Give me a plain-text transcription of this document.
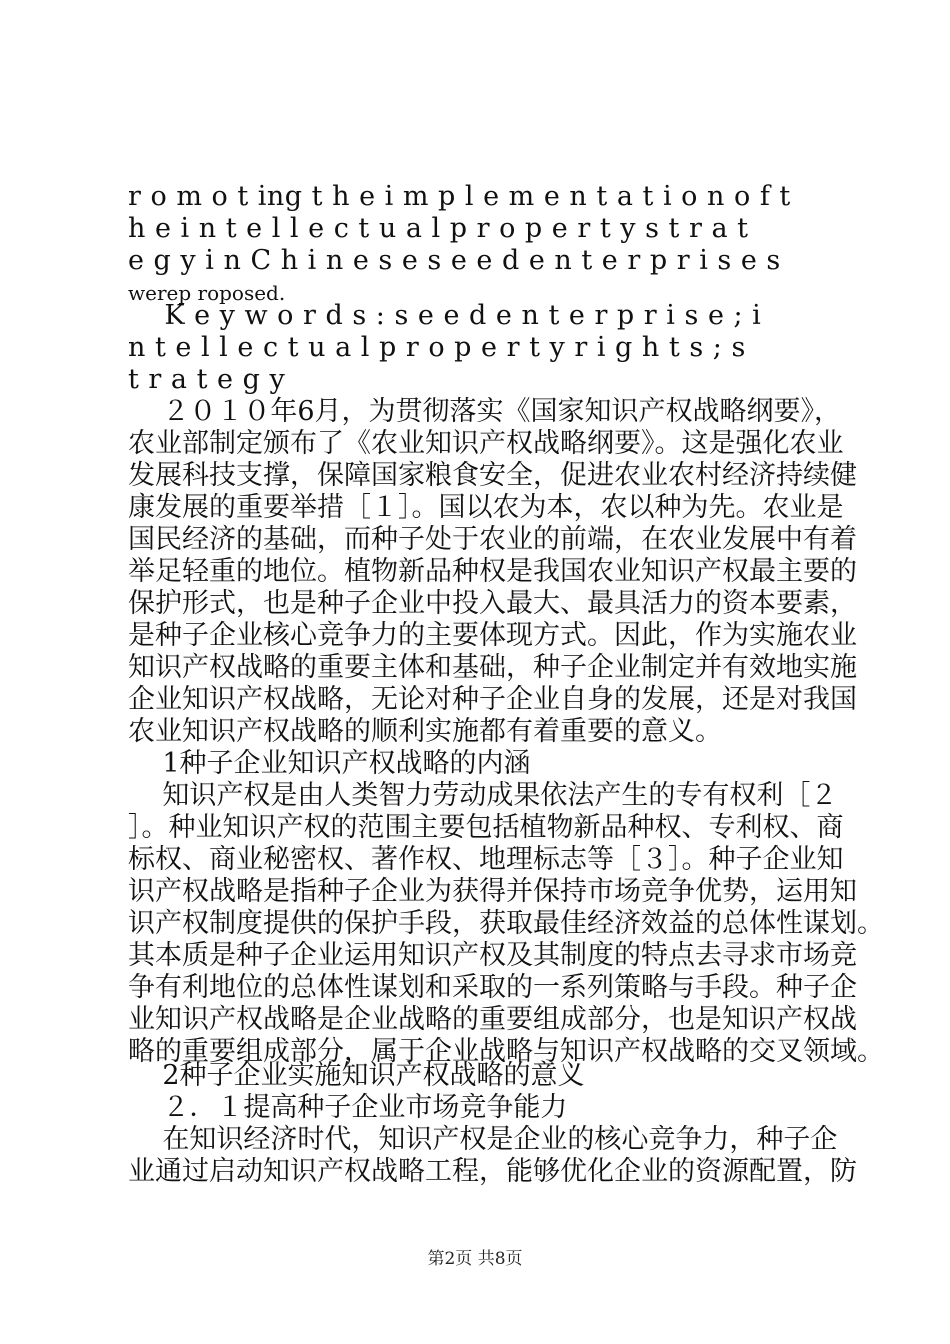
r o m o t ing t h e i m p l e m e n t a t i o n o f t
h e i n t e l l e c t u a l p r o p e r t y s t r a t
e g y i n C h i n e s e s e e d e n t e r p r i s e s
werep roposed.
K e y w o r d s : s e e d e n t e r p r i s e ; i
n t e l l e c t u a l p r o p e r t y r i g h t s ; s
t r a t e g y
２０１０年6月，为贯彻落实《国家知识产权战略纲要》，
农业部制定颁布了《农业知识产权战略纲要》。这是强化农业
发展科技支撑，保障国家粮食安全，促进农业农村经济持续健
康发展的重要举措［１］。国以农为本，农以种为先。农业是
国民经济的基础，而种子处于农业的前端，在农业发展中有着
举足轻重的地位。植物新品种权是我国农业知识产权最主要的
保护形式，也是种子企业中投入最大、最具活力的资本要素，
是种子企业核心竞争力的主要体现方式。因此，作为实施农业
知识产权战略的重要主体和基础，种子企业制定并有效地实施
企业知识产权战略，无论对种子企业自身的发展，还是对我国
农业知识产权战略的顺利实施都有着重要的意义。
1种子企业知识产权战略的内涵
知识产权是由人类智力劳动成果依法产生的专有权利［２
］。种业知识产权的范围主要包括植物新品种权、专利权、商
标权、商业秘密权、著作权、地理标志等［３］。种子企业知
识产权战略是指种子企业为获得并保持市场竞争优势，运用知
识产权制度提供的保护手段，获取最佳经济效益的总体性谋划。
其本质是种子企业运用知识产权及其制度的特点去寻求市场竞
争有利地位的总体性谋划和采取的一系列策略与手段。种子企
业知识产权战略是企业战略的重要组成部分，也是知识产权战
略的重要组成部分，属于企业战略与知识产权战略的交叉领域。
2种子企业实施知识产权战略的意义
２．１提高种子企业市场竞争能力
在知识经济时代，知识产权是企业的核心竞争力，种子企
业通过启动知识产权战略工程，能够优化企业的资源配置，防
第2页 共8页
